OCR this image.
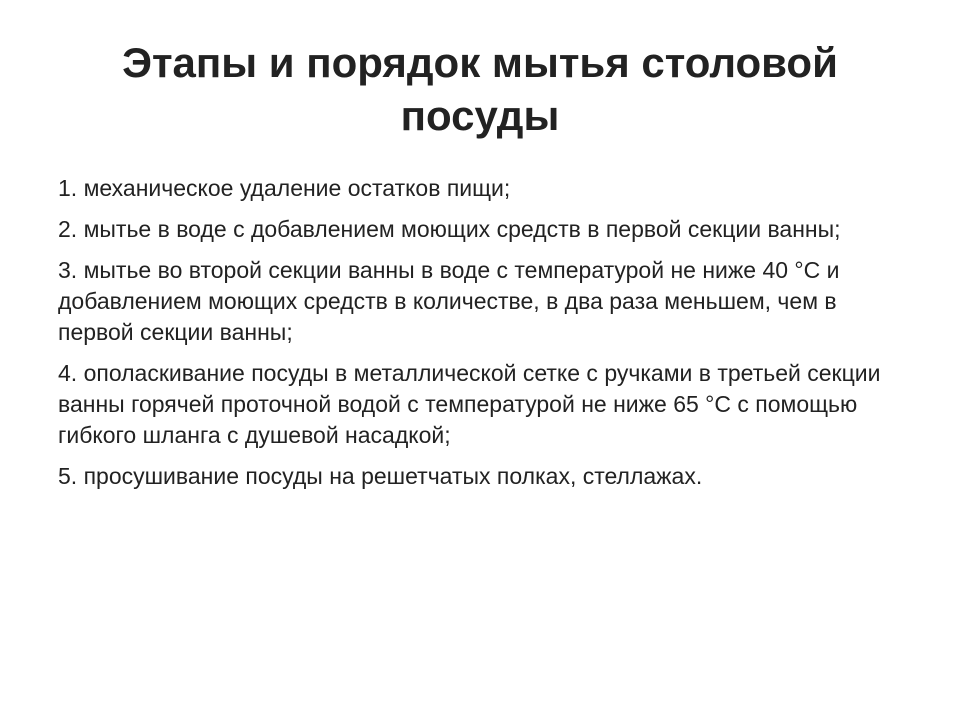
Этапы и порядок мытья столовой посуды
1. механическое удаление остатков пищи;
2. мытье в воде с добавлением моющих средств в первой секции ванны;
3. мытье во второй секции ванны в воде с температурой не ниже 40 °С и добавлением моющих средств в количестве, в два раза меньшем, чем в первой секции ванны;
4. ополаскивание посуды в металлической сетке с ручками в третьей секции ванны горячей проточной водой с температурой не ниже 65 °С с помощью гибкого шланга с душевой насадкой;
5. просушивание посуды на решетчатых полках, стеллажах.
